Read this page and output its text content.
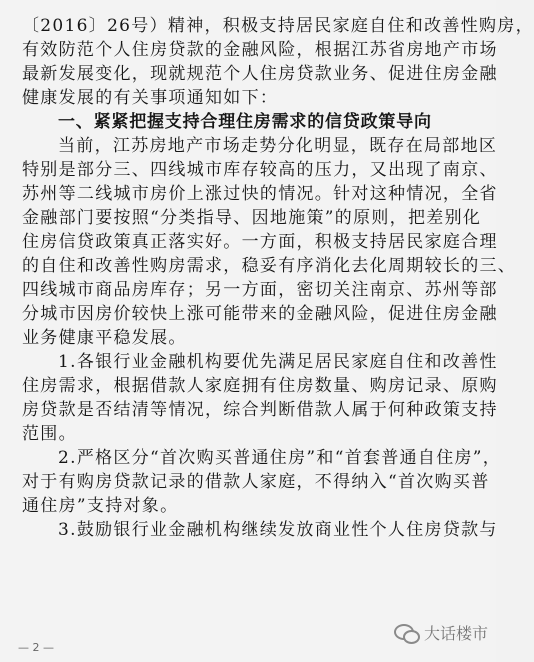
〔2016〕26号）精神，积极支持居民家庭自住和改善性购房，
有效防范个人住房贷款的金融风险，根据江苏省房地产市场
最新发展变化，现就规范个人住房贷款业务、促进住房金融
健康发展的有关事项通知如下：
一、紧紧把握支持合理住房需求的信贷政策导向
当前，江苏房地产市场走势分化明显，既存在局部地区
特别是部分三、四线城市库存较高的压力，又出现了南京、
苏州等二线城市房价上涨过快的情况。针对这种情况，全省
金融部门要按照“分类指导、因地施策”的原则，把差别化
住房信贷政策真正落实好。一方面，积极支持居民家庭合理
的自住和改善性购房需求，稳妥有序消化去化周期较长的三、
四线城市商品房库存；另一方面，密切关注南京、苏州等部
分城市因房价较快上涨可能带来的金融风险，促进住房金融
业务健康平稳发展。
1.各银行业金融机构要优先满足居民家庭自住和改善性
住房需求，根据借款人家庭拥有住房数量、购房记录、原购
房贷款是否结清等情况，综合判断借款人属于何种政策支持
范围。
2.严格区分“首次购买普通住房”和“首套普通自住房”，
对于有购房贷款记录的借款人家庭，不得纳入“首次购买普
通住房”支持对象。
3.鼓励银行业金融机构继续发放商业性个人住房贷款与
— 2 —
大话楼市
